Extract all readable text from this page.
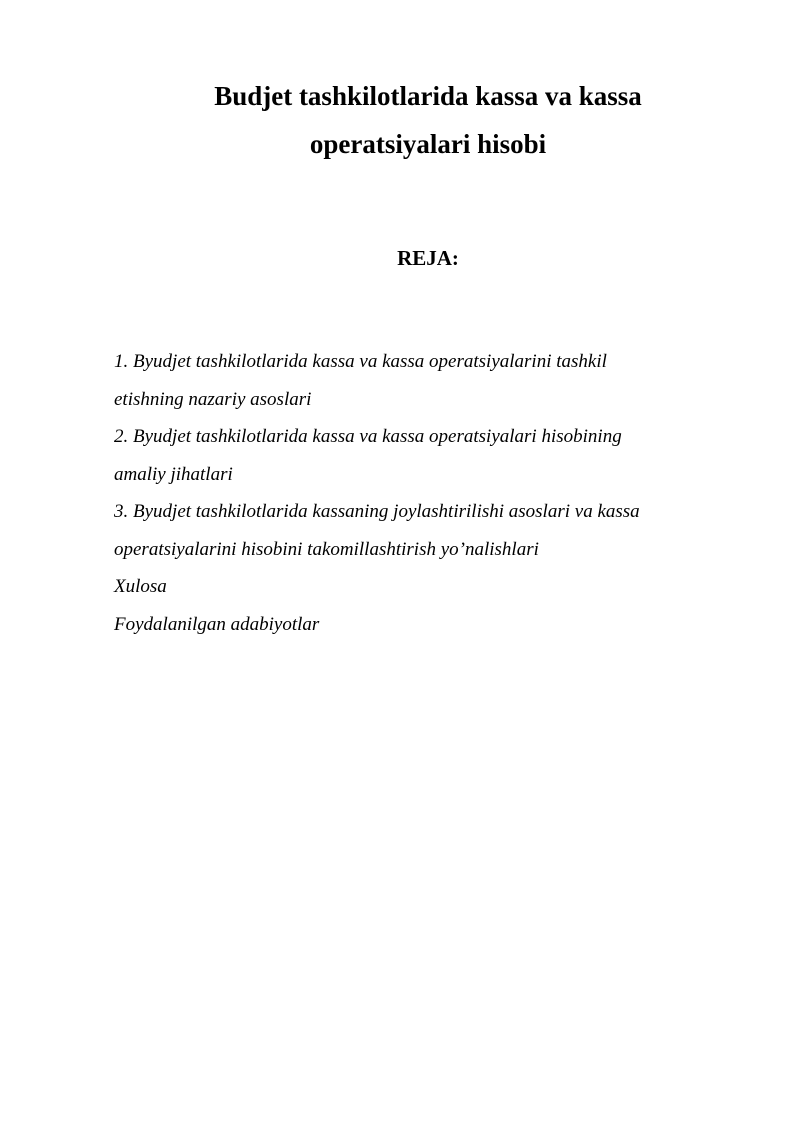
Budjet tashkilotlarida kassa va kassa
operatsiyalari hisobi
REJA:
1. Byudjet tashkilotlarida kassa va kassa operatsiyalarini tashkil
etishning nazariy asoslari
2. Byudjet tashkilotlarida kassa va kassa operatsiyalari hisobining
amaliy jihatlari
3. Byudjet tashkilotlarida kassaning joylashtirilishi asoslari va kassa
operatsiyalarini hisobini takomillashtirish yo’nalishlari
Xulosa
Foydalanilgan adabiyotlar
